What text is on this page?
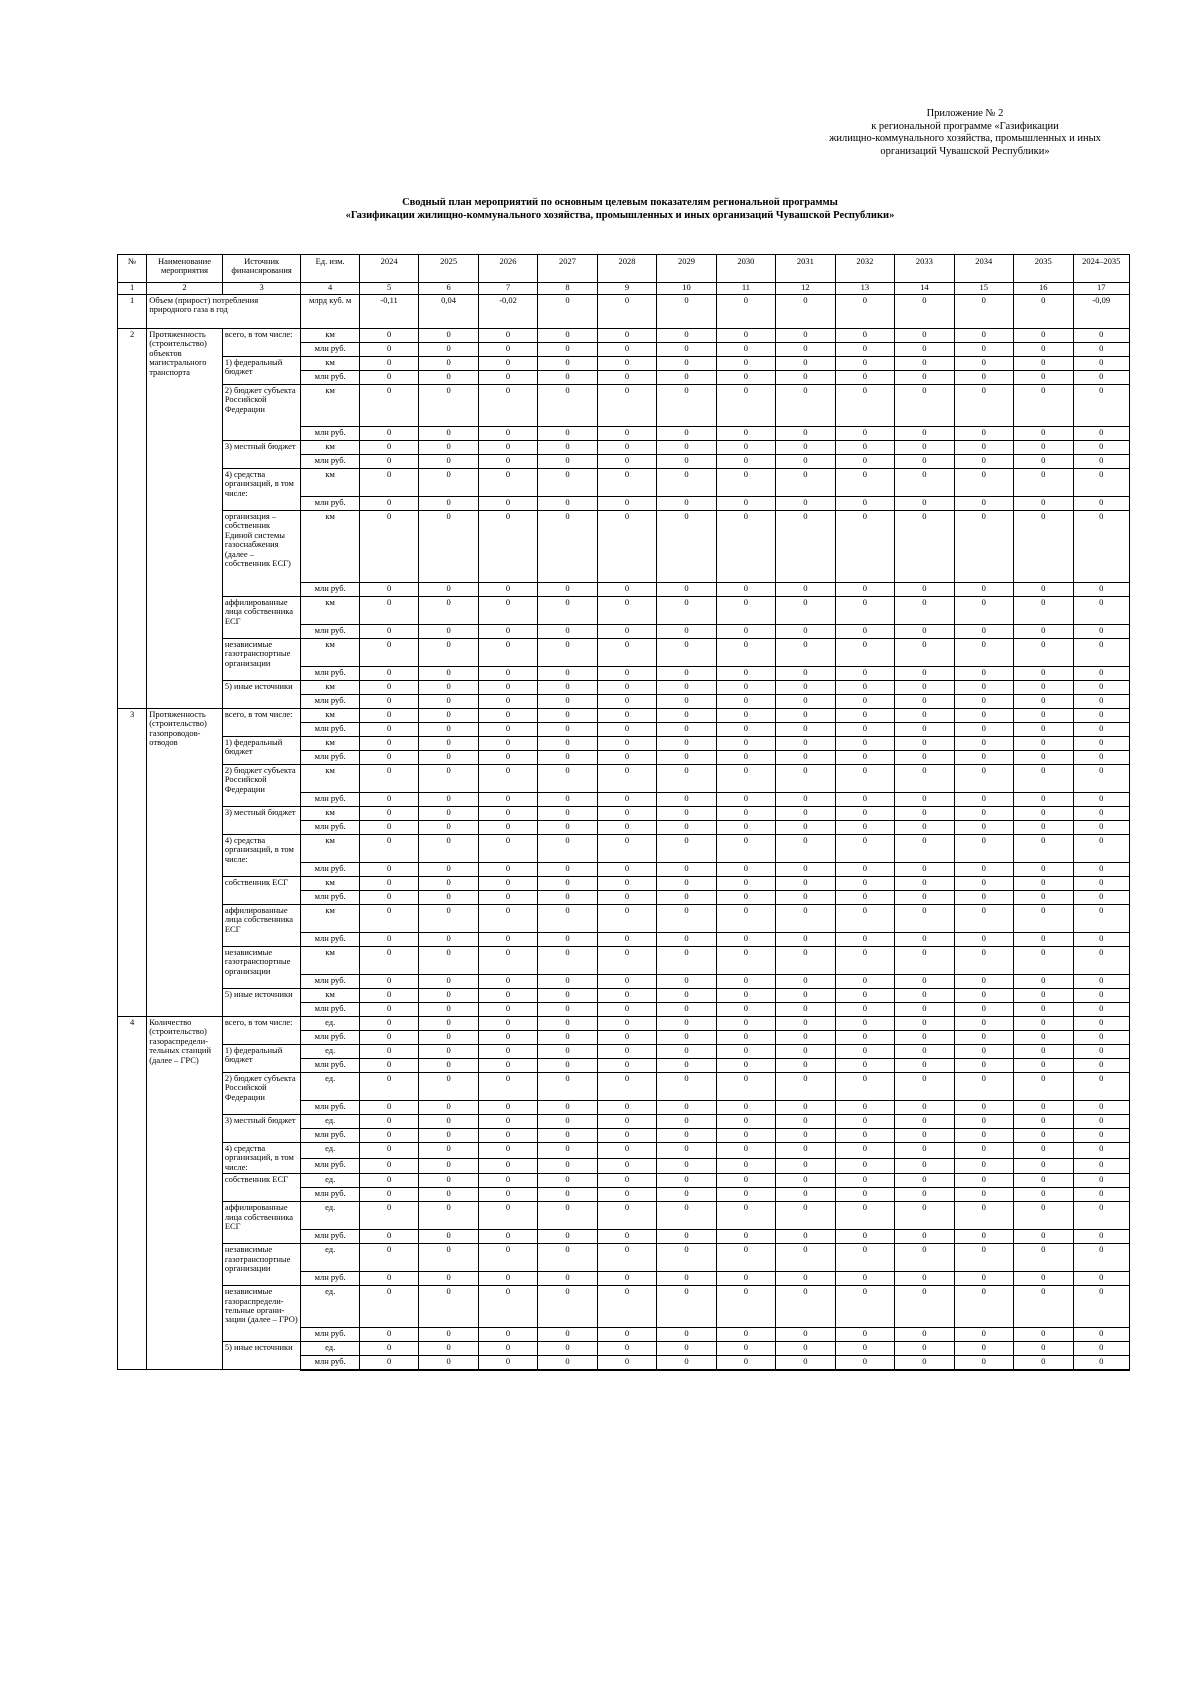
Приложение № 2
к региональной программе «Газификации
жилищно-коммунального хозяйства, промышленных и иных
организаций Чувашской Республики»
Сводный план мероприятий по основным целевым показателям региональной программы
«Газификации жилищно-коммунального хозяйства, промышленных и иных организаций Чувашской Республики»
№	Наименование мероприятия	Источник финансирования	Ед. изм.	2024	2025	2026	2027	2028	2029	2030	2031	2032	2033	2034	2035	2024–2035
1	2	3	4	5	6	7	8	9	10	11	12	13	14	15	16	17
1	Объем (прирост) потребления природного газа в год		млрд куб. м	-0,11	0,04	-0,02	0	0	0	0	0	0	0	0	0	-0,09
2	Протяженность (строительство) объектов магистрального транспорта	всего, в том числе:	км	0	0	0	0	0	0	0	0	0	0	0	0	0
			млн руб.	0	0	0	0	0	0	0	0	0	0	0	0	0
		1) федеральный бюджет	км	0	0	0	0	0	0	0	0	0	0	0	0	0
			млн руб.	0	0	0	0	0	0	0	0	0	0	0	0	0
		2) бюджет субъекта Российской Федерации	км	0	0	0	0	0	0	0	0	0	0	0	0	0
			млн руб.	0	0	0	0	0	0	0	0	0	0	0	0	0
		3) местный бюджет	км	0	0	0	0	0	0	0	0	0	0	0	0	0
			млн руб.	0	0	0	0	0	0	0	0	0	0	0	0	0
		4) средства организаций, в том числе:	км	0	0	0	0	0	0	0	0	0	0	0	0	0
			млн руб.	0	0	0	0	0	0	0	0	0	0	0	0	0
		организация – собственник Единой системы газоснабжения (далее – собственник ЕСГ)	км	0	0	0	0	0	0	0	0	0	0	0	0	0
			млн руб.	0	0	0	0	0	0	0	0	0	0	0	0	0
		аффилированные лица собственника ЕСГ	км	0	0	0	0	0	0	0	0	0	0	0	0	0
			млн руб.	0	0	0	0	0	0	0	0	0	0	0	0	0
		независимые газотранспортные организации	км	0	0	0	0	0	0	0	0	0	0	0	0	0
			млн руб.	0	0	0	0	0	0	0	0	0	0	0	0	0
		5) иные источники	км	0	0	0	0	0	0	0	0	0	0	0	0	0
			млн руб.	0	0	0	0	0	0	0	0	0	0	0	0	0
3	Протяженность (строительство) газопроводов-отводов	всего, в том числе:	км	0	0	0	0	0	0	0	0	0	0	0	0	0
			млн руб.	0	0	0	0	0	0	0	0	0	0	0	0	0
		1) федеральный бюджет	км	0	0	0	0	0	0	0	0	0	0	0	0	0
			млн руб.	0	0	0	0	0	0	0	0	0	0	0	0	0
		2) бюджет субъекта Российской Федерации	км	0	0	0	0	0	0	0	0	0	0	0	0	0
			млн руб.	0	0	0	0	0	0	0	0	0	0	0	0	0
		3) местный бюджет	км	0	0	0	0	0	0	0	0	0	0	0	0	0
			млн руб.	0	0	0	0	0	0	0	0	0	0	0	0	0
		4) средства организаций, в том числе:	км	0	0	0	0	0	0	0	0	0	0	0	0	0
			млн руб.	0	0	0	0	0	0	0	0	0	0	0	0	0
		собственник ЕСГ	км	0	0	0	0	0	0	0	0	0	0	0	0	0
			млн руб.	0	0	0	0	0	0	0	0	0	0	0	0	0
		аффилированные лица собственника ЕСГ	км	0	0	0	0	0	0	0	0	0	0	0	0	0
			млн руб.	0	0	0	0	0	0	0	0	0	0	0	0	0
		независимые газотранспортные организации	км	0	0	0	0	0	0	0	0	0	0	0	0	0
			млн руб.	0	0	0	0	0	0	0	0	0	0	0	0	0
		5) иные источники	км	0	0	0	0	0	0	0	0	0	0	0	0	0
			млн руб.	0	0	0	0	0	0	0	0	0	0	0	0	0
4	Количество (строительство) газораспредели-тельных станций (далее – ГРС)	всего, в том числе:	ед.	0	0	0	0	0	0	0	0	0	0	0	0	0
			млн руб.	0	0	0	0	0	0	0	0	0	0	0	0	0
		1) федеральный бюджет	ед.	0	0	0	0	0	0	0	0	0	0	0	0	0
			млн руб.	0	0	0	0	0	0	0	0	0	0	0	0	0
		2) бюджет субъекта Российской Федерации	ед.	0	0	0	0	0	0	0	0	0	0	0	0	0
			млн руб.	0	0	0	0	0	0	0	0	0	0	0	0	0
		3) местный бюджет	ед.	0	0	0	0	0	0	0	0	0	0	0	0	0
			млн руб.	0	0	0	0	0	0	0	0	0	0	0	0	0
		4) средства организаций, в том числе:	ед.	0	0	0	0	0	0	0	0	0	0	0	0	0
			млн руб.	0	0	0	0	0	0	0	0	0	0	0	0	0
		собственник ЕСГ	ед.	0	0	0	0	0	0	0	0	0	0	0	0	0
			млн руб.	0	0	0	0	0	0	0	0	0	0	0	0	0
		аффилированные лица собственника ЕСГ	ед.	0	0	0	0	0	0	0	0	0	0	0	0	0
			млн руб.	0	0	0	0	0	0	0	0	0	0	0	0	0
		независимые газотранспортные организации	ед.	0	0	0	0	0	0	0	0	0	0	0	0	0
			млн руб.	0	0	0	0	0	0	0	0	0	0	0	0	0
		независимые газораспредели-тельные органи-зации (далее – ГРО)	ед.	0	0	0	0	0	0	0	0	0	0	0	0	0
			млн руб.	0	0	0	0	0	0	0	0	0	0	0	0	0
		5) иные источники	ед.	0	0	0	0	0	0	0	0	0	0	0	0	0
			млн руб.	0	0	0	0	0	0	0	0	0	0	0	0	0
